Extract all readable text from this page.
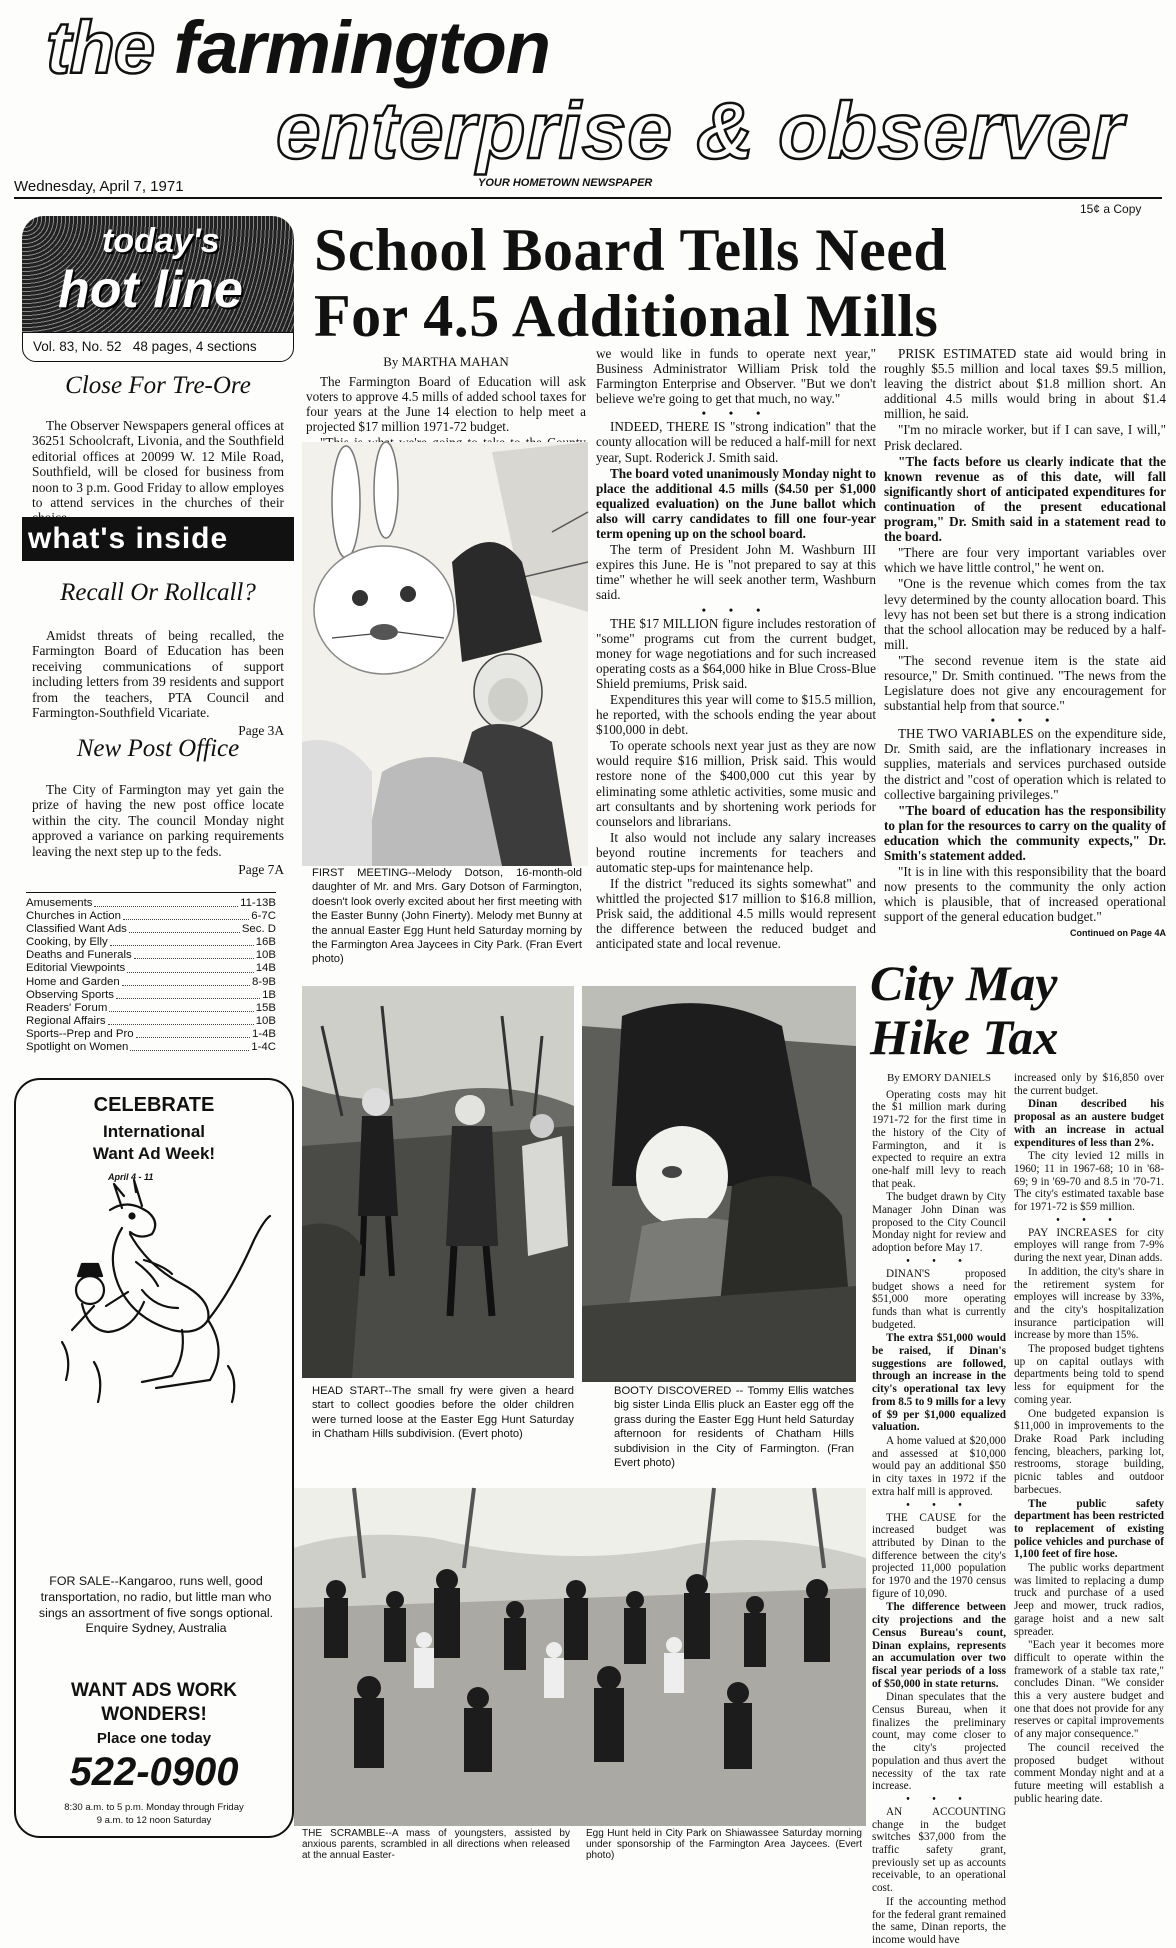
the farmington
enterprise & observer
Wednesday, April 7, 1971	YOUR HOMETOWN NEWSPAPER
15¢ a Copy
today's
hot line
Vol. 83, No. 52   48 pages, 4 sections
Close For Tre-Ore

The Observer Newspapers general offices at 36251 Schoolcraft, Livonia, and the Southfield editorial offices at 20099 W. 12 Mile Road, Southfield, will be closed for business from noon to 3 p.m. Good Friday to allow employes to attend services in the churches of their

what's inside
Recall Or Rollcall?

Amidst threats of being recalled, the Farmington Board of Education has been receiving communications of support including letters from 39 residents and support from the teachers, PTA Council and Farmington-Southfield Vicariate.

Page 3A
New Post Office

The City of Farmington may yet gain the prize of having the new post office locate within the city. The council Monday night approved a variance on parking requirements leaving the next step up to the feds.

Page 7A
Amusements	11-13B
Churches in Action	6-7C
Classified Want Ads	Sec. D
Cooking, by Elly	16B
Deaths and Funerals	10B
Editorial Viewpoints	14B
Home and Garden	8-9B
Observing Sports	1B
Readers' Forum	15B
Regional Affairs	10B
Sports--Prep and Pro	1-4B
Spotlight on Women	1-4C
CELEBRATE
International
Want Ad Week!
April 4 - 11
FOR SALE--Kangaroo, runs well, good transportation, no radio, but little man who sings an assortment of five songs optional. Enquire Sydney, Australia
WANT ADS WORK
WONDERS!
Place one today
522-0900
8:30 a.m. to 5 p.m. Monday through Friday
9 a.m. to 12 noon Saturday
School Board Tells Need
For 4.5 Additional Mills
By MARTHA MAHAN

The Farmington Board of Education will ask voters to approve 4.5 mills of added school taxes for four years at the June 14 election to help meet a projected $17 million 1971-72 budget.

FIRST MEETING--Melody Dotson, 16-month-old daughter of Mr. and Mrs. Gary Dotson of Farmington, doesn't look overly excited about her first meeting with the Easter Bunny (John Finerty). Melody met Bunny at the annual Easter Egg Hunt held Saturday morning by the Farmington Area Jaycees in City Park. (Fran Evert photo)

we would like in funds to operate next year," Business Administrator William Prisk told the Farmington Enterprise and Observer. "But we don't believe we're going to get that much, no way."

• • •

INDEED, THERE IS "strong indication" that the county allocation will be reduced a half-mill for next year, Supt. Roderick J. Smith said.

The board voted unanimously Monday night to place the additional 4.5 mills ($4.50 per $1,000 equalized evaluation) on the June ballot which also will carry candidates to fill one four-year term opening up on the school board.

The term of President John M. Washburn III expires this June. He is "not prepared to say at this time" whether he will seek another term, Washburn said.

• • •

THE $17 MILLION figure includes restoration of "some" programs cut from the current budget, money for wage negotiations and for such increased operating costs as a $64,000 hike in Blue Cross-Blue Shield premiums, Prisk said.

Expenditures this year will come to $15.5 million, he reported, with the schools ending the year about $100,000 in debt.

To operate schools next year just as they are now would require $16 million, Prisk said. This would restore none of the $400,000 cut this year by eliminating some athletic activities, some music and art consultants and by shortening work periods for counselors and librarians.

It also would not include any salary increases beyond routine increments for teachers and automatic step-ups for maintenance help.

If the district "reduced its sights somewhat" and whittled the projected $17 million to $16.8 million, Prisk said, the additional 4.5 mills would represent the difference between the reduced budget and anticipated state and local revenue.

PRISK ESTIMATED state aid would bring in roughly $5.5 million and local taxes $9.5 million, leaving the district about $1.8 million short. An additional 4.5 mills would bring in about $1.4 million, he said.

"I'm no miracle worker, but if I can save, I will," Prisk declared.

"The facts before us clearly indicate that the known revenue as of this date, will fall significantly short of anticipated expenditures for continuation of the present educational program," Dr. Smith said in a statement read to the board.

"There are four very important variables over which we have little control," he went on.

"One is the revenue which comes from the tax levy determined by the county allocation board. This levy has not been set but there is a strong indication that the school allocation may be reduced by a half-mill.

"The second revenue item is the state aid resource," Dr. Smith continued. "The news from the Legislature does not give any encouragement for substantial help from that source."

• • •

THE TWO VARIABLES on the expenditure side, Dr. Smith said, are the inflationary increases in supplies, materials and services purchased outside the district and "cost of operation which is related to collective bargaining privileges."

"The board of education has the responsibility to plan for the resources to carry on the quality of education which the community expects," Dr. Smith's statement added.

"It is in line with this responsibility that the board now presents to the community the only action which is plausible, that of increased operational support of the general education budget."

Continued on Page 4A
HEAD START--The small fry were given a heard start to collect goodies before the older children were turned loose at the Easter Egg Hunt Saturday in Chatham Hills subdivision. (Evert photo)
BOOTY DISCOVERED -- Tommy Ellis watches big sister Linda Ellis pluck an Easter egg off the grass during the Easter Egg Hunt held Saturday afternoon for residents of Chatham Hills subdivision in the City of Farmington. (Fran Evert photo)
City May
Hike Tax
By EMORY DANIELS

Operating costs may hit the $1 million mark during 1971-72 for the first time in the history of the City of Farmington, and it is expected to require an extra one-half mill levy to reach that peak.

The budget drawn by City Manager John Dinan was proposed to the City Council Monday night for review and adoption before May 17.

• • •

DINAN'S proposed budget shows a need for $51,000 more operating funds than what is currently budgeted.

The extra $51,000 would be raised, if Dinan's suggestions are followed, through an increase in the city's operational tax levy from 8.5 to 9 mills for a levy of $9 per $1,000 equalized valuation.

A home valued at $20,000 and assessed at $10,000 would pay an additional $50 in city taxes in 1972 if the extra half mill is approved.

• • •

THE CAUSE for the increased budget was attributed by Dinan to the difference between the city's projected 11,000 population for 1970 and the 1970 census figure of 10,090.

The difference between city projections and the Census Bureau's count, Dinan explains, represents an accumulation over two fiscal year periods of a loss of $50,000 in state returns.

Dinan speculates that the Census Bureau, when it finalizes the preliminary count, may come closer to the city's projected population and thus avert the necessity of the tax rate increase.

• • •

AN ACCOUNTING change in the budget switches $37,000 from the traffic safety grant, previously set up as accounts receivable, to an operational cost.

If the accounting method for the federal grant remained the same, Dinan reports, the income would have

increased only by $16,850 over the current budget.

Dinan described his proposal as an austere budget with an increase in actual expenditures of less than 2%.

The city levied 12 mills in 1960; 11 in 1967-68; 10 in '68-69; 9 in '69-70 and 8.5 in '70-71. The city's estimated taxable base for 1971-72 is $59 million.

• • •

PAY INCREASES for city employes will range from 7-9% during the next year, Dinan adds.

In addition, the city's share in the retirement system for employes will increase by 33%, and the city's hospitalization insurance participation will increase by more than 15%.

The proposed budget tightens up on capital outlays with departments being told to spend less for equipment for the coming year.

One budgeted expansion is $11,000 in improvements to the Drake Road Park including fencing, bleachers, parking lot, restrooms, storage building, picnic tables and outdoor barbecues.

The public safety department has been restricted to replacement of existing police vehicles and purchase of 1,100 feet of fire hose.

The public works department was limited to replacing a dump truck and purchase of a used Jeep and mower, truck radios, garage hoist and a new salt spreader.

"Each year it becomes more difficult to operate within the framework of a stable tax rate," concludes Dinan. "We consider this a very austere budget and one that does not provide for any reserves or capital improvements of any major consequence."

The council received the proposed budget without comment Monday night and at a future meeting will establish a public hearing date.

THE SCRAMBLE--A mass of youngsters, assisted by anxious parents, scrambled in all directions when released at the annual Easter-
Egg Hunt held in City Park on Shiawassee Saturday morning under sponsorship of the Farmington Area Jaycees. (Evert photo)
